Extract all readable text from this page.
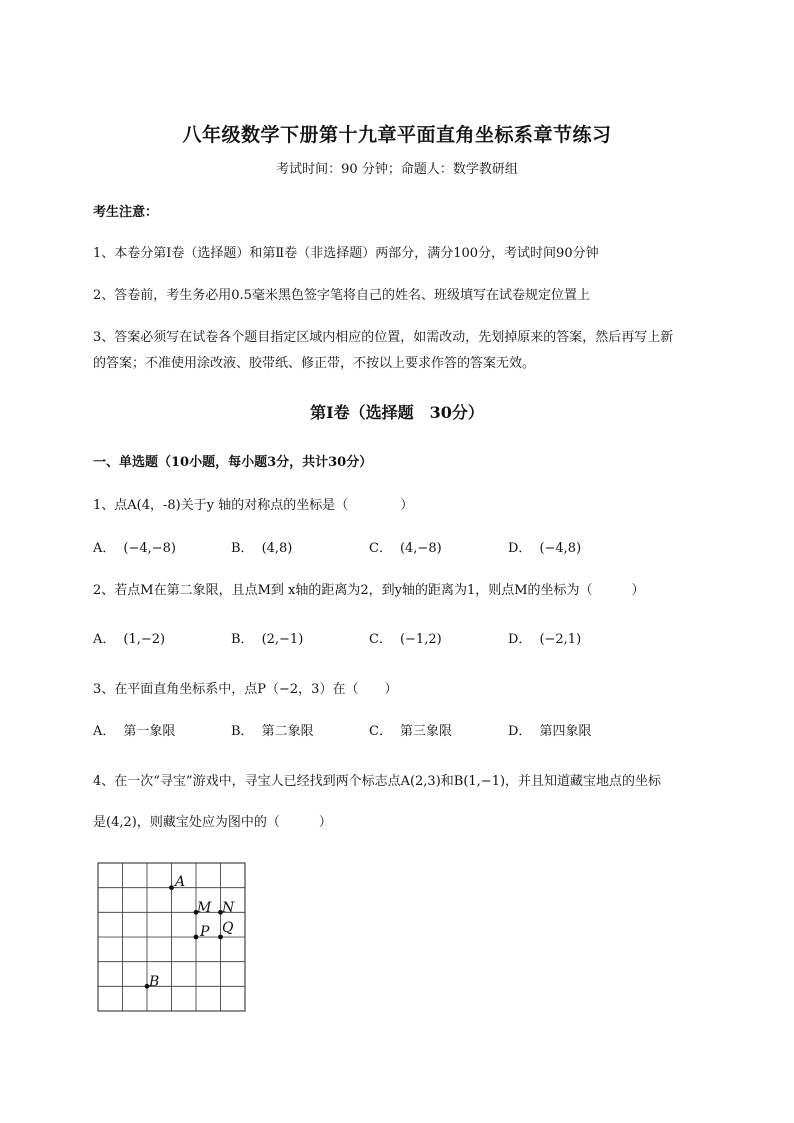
八年级数学下册第十九章平面直角坐标系章节练习
考试时间：90 分钟；命题人：数学教研组
考生注意：
1、本卷分第Ⅰ卷（选择题）和第Ⅱ卷（非选择题）两部分，满分100分，考试时间90分钟
2、答卷前，考生务必用0.5毫米黑色签字笔将自己的姓名、班级填写在试卷规定位置上
3、答案必须写在试卷各个题目指定区域内相应的位置，如需改动，先划掉原来的答案，然后再写上新
的答案；不准使用涂改液、胶带纸、修正带，不按以上要求作答的答案无效。
第Ⅰ卷（选择题　30分）
一、单选题（10小题，每小题3分，共计30分）
1、点A(4，-8)关于y 轴的对称点的坐标是（　　　　）
A． (−4,−8)	B． (4,8)	C． (4,−8)	D． (−4,8)
2、若点M在第二象限，且点M到 x轴的距离为2，到y轴的距离为1，则点M的坐标为（　　　）
A． (1,−2)	B． (2,−1)	C． (−1,2)	D． (−2,1)
3、在平面直角坐标系中，点P（−2，3）在（　　）
A． 第一象限	B． 第二象限	C． 第三象限	D． 第四象限
4、在一次“寻宝”游戏中，寻宝人已经找到两个标志点A(2,3)和B(1,−1)，并且知道藏宝地点的坐标
是(4,2)，则藏宝处应为图中的（　　　）
A
M N
P Q
B
